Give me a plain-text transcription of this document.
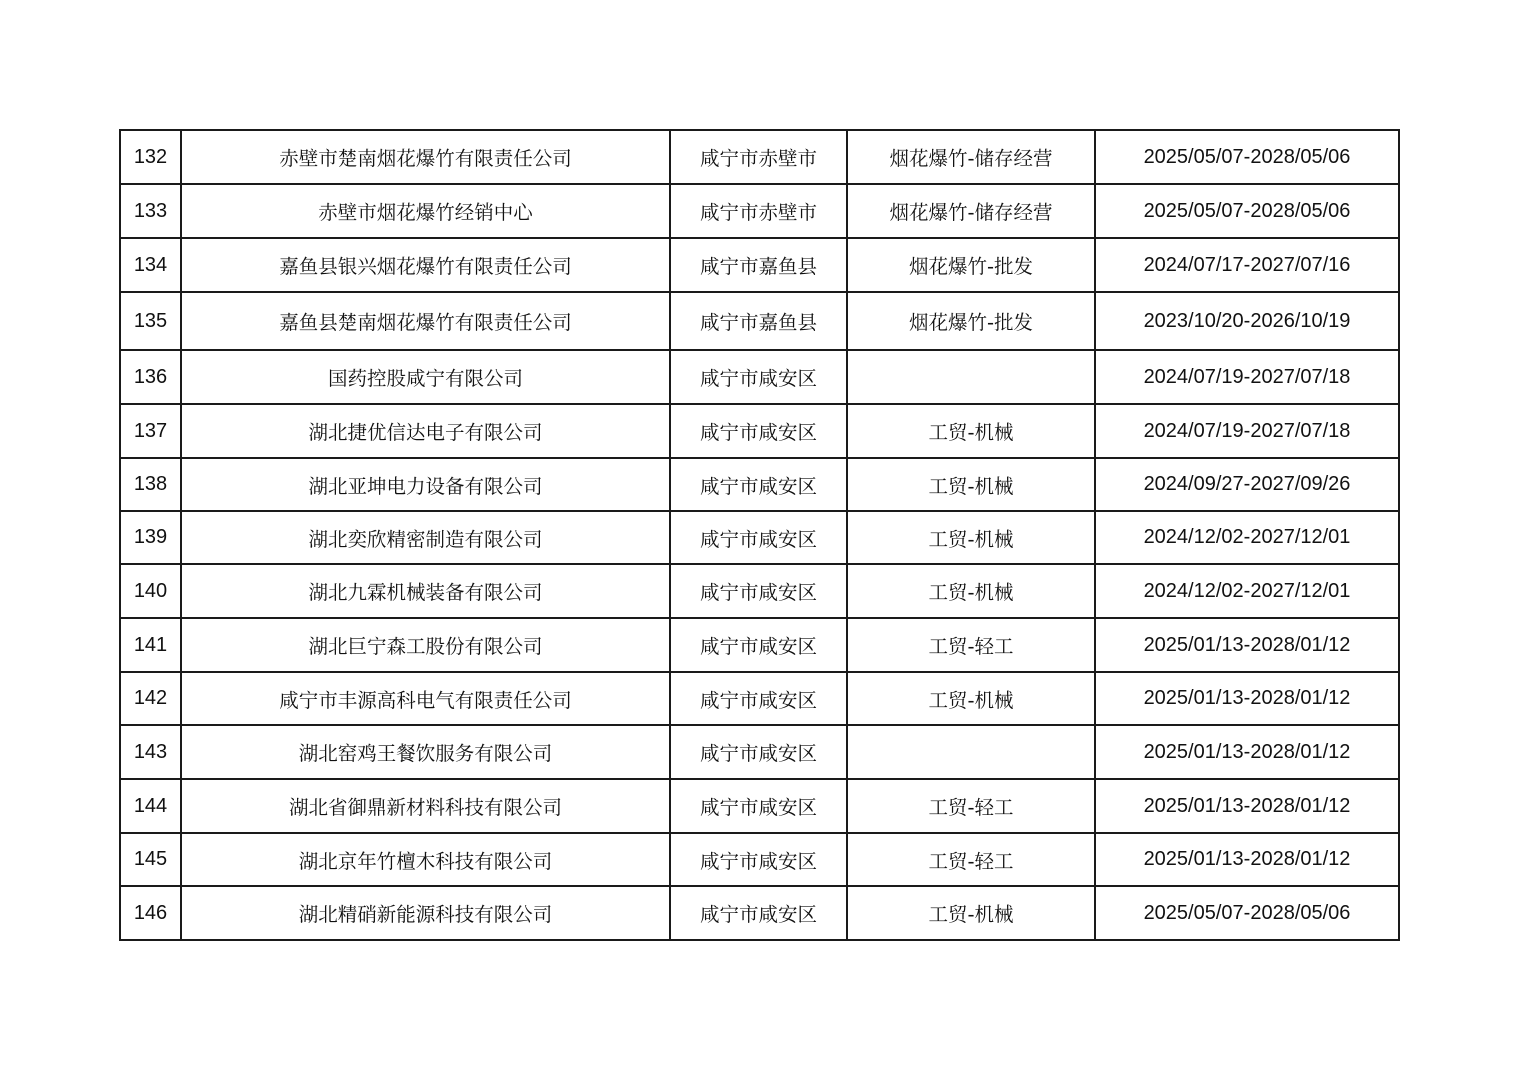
132	赤壁市楚南烟花爆竹有限责任公司	咸宁市赤壁市	烟花爆竹-储存经营	2025/05/07-2028/05/06
133	赤壁市烟花爆竹经销中心	咸宁市赤壁市	烟花爆竹-储存经营	2025/05/07-2028/05/06
134	嘉鱼县银兴烟花爆竹有限责任公司	咸宁市嘉鱼县	烟花爆竹-批发	2024/07/17-2027/07/16
135	嘉鱼县楚南烟花爆竹有限责任公司	咸宁市嘉鱼县	烟花爆竹-批发	2023/10/20-2026/10/19
136	国药控股咸宁有限公司	咸宁市咸安区		2024/07/19-2027/07/18
137	湖北捷优信达电子有限公司	咸宁市咸安区	工贸-机械	2024/07/19-2027/07/18
138	湖北亚坤电力设备有限公司	咸宁市咸安区	工贸-机械	2024/09/27-2027/09/26
139	湖北奕欣精密制造有限公司	咸宁市咸安区	工贸-机械	2024/12/02-2027/12/01
140	湖北九霖机械装备有限公司	咸宁市咸安区	工贸-机械	2024/12/02-2027/12/01
141	湖北巨宁森工股份有限公司	咸宁市咸安区	工贸-轻工	2025/01/13-2028/01/12
142	咸宁市丰源高科电气有限责任公司	咸宁市咸安区	工贸-机械	2025/01/13-2028/01/12
143	湖北窑鸡王餐饮服务有限公司	咸宁市咸安区		2025/01/13-2028/01/12
144	湖北省御鼎新材料科技有限公司	咸宁市咸安区	工贸-轻工	2025/01/13-2028/01/12
145	湖北京年竹檀木科技有限公司	咸宁市咸安区	工贸-轻工	2025/01/13-2028/01/12
146	湖北精硝新能源科技有限公司	咸宁市咸安区	工贸-机械	2025/05/07-2028/05/06
